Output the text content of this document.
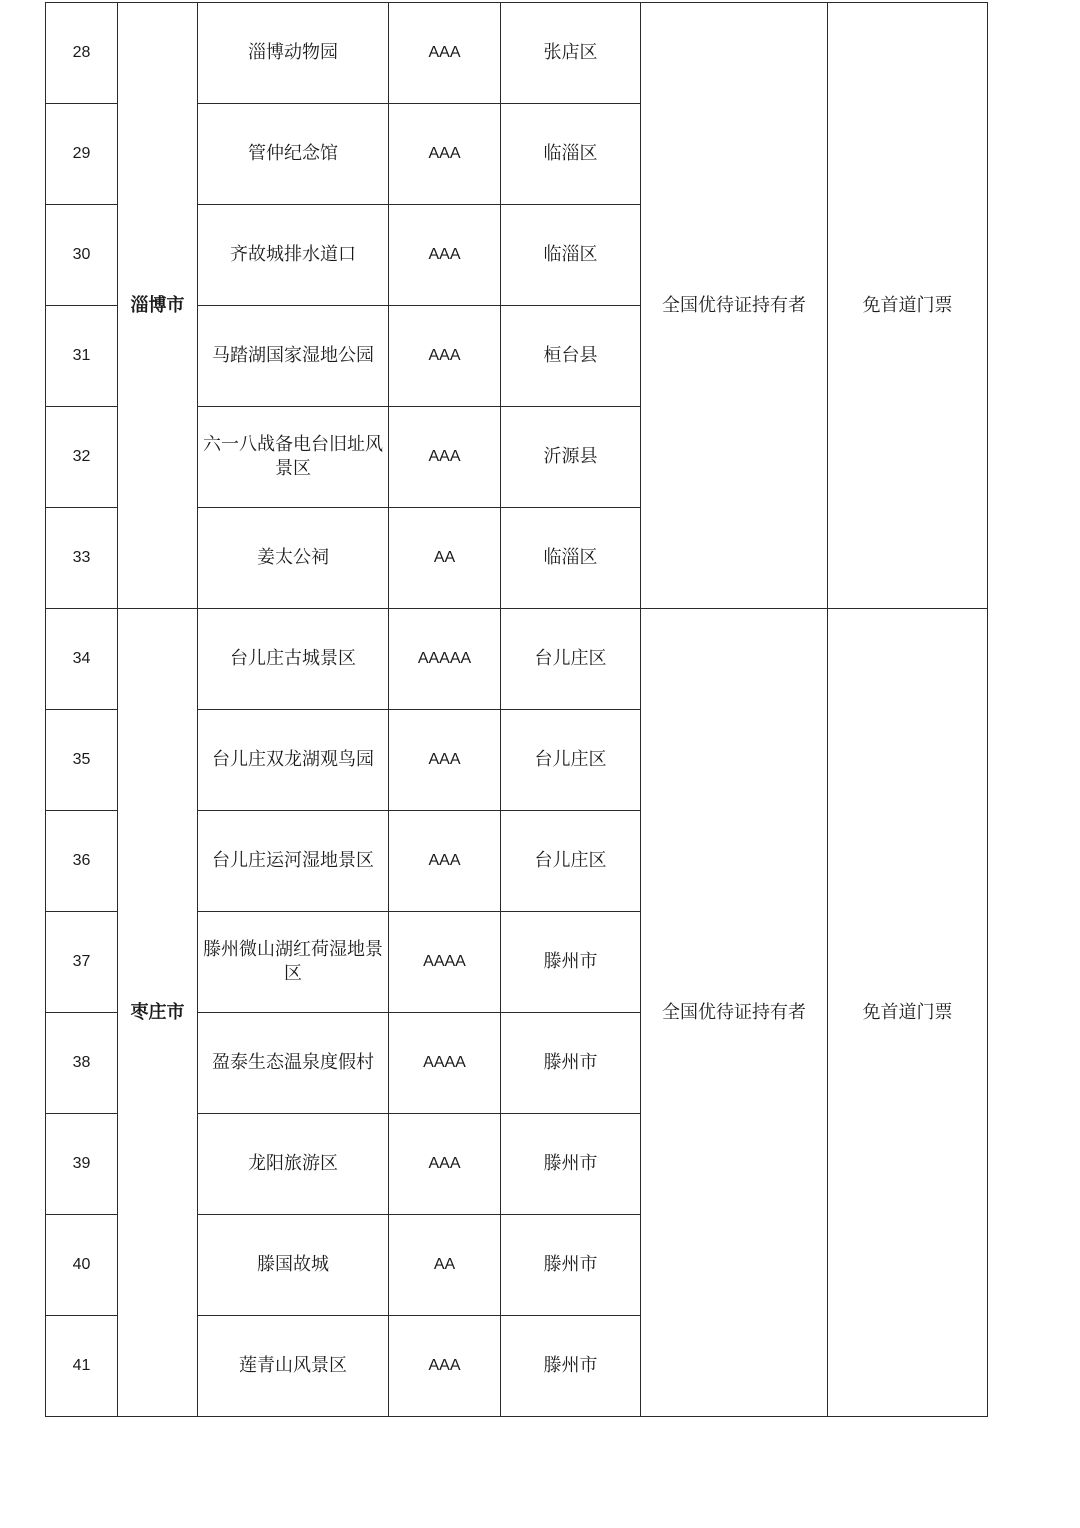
28	淄博市	淄博动物园	AAA	张店区	全国优待证持有者	免首道门票
29		管仲纪念馆	AAA	临淄区		
30		齐故城排水道口	AAA	临淄区		
31		马踏湖国家湿地公园	AAA	桓台县		
32		六一八战备电台旧址风景区	AAA	沂源县		
33		姜太公祠	AA	临淄区		
34	枣庄市	台儿庄古城景区	AAAAA	台儿庄区	全国优待证持有者	免首道门票
35		台儿庄双龙湖观鸟园	AAA	台儿庄区		
36		台儿庄运河湿地景区	AAA	台儿庄区		
37		滕州微山湖红荷湿地景区	AAAA	滕州市		
38		盈泰生态温泉度假村	AAAA	滕州市		
39		龙阳旅游区	AAA	滕州市		
40		滕国故城	AA	滕州市		
41		莲青山风景区	AAA	滕州市		
